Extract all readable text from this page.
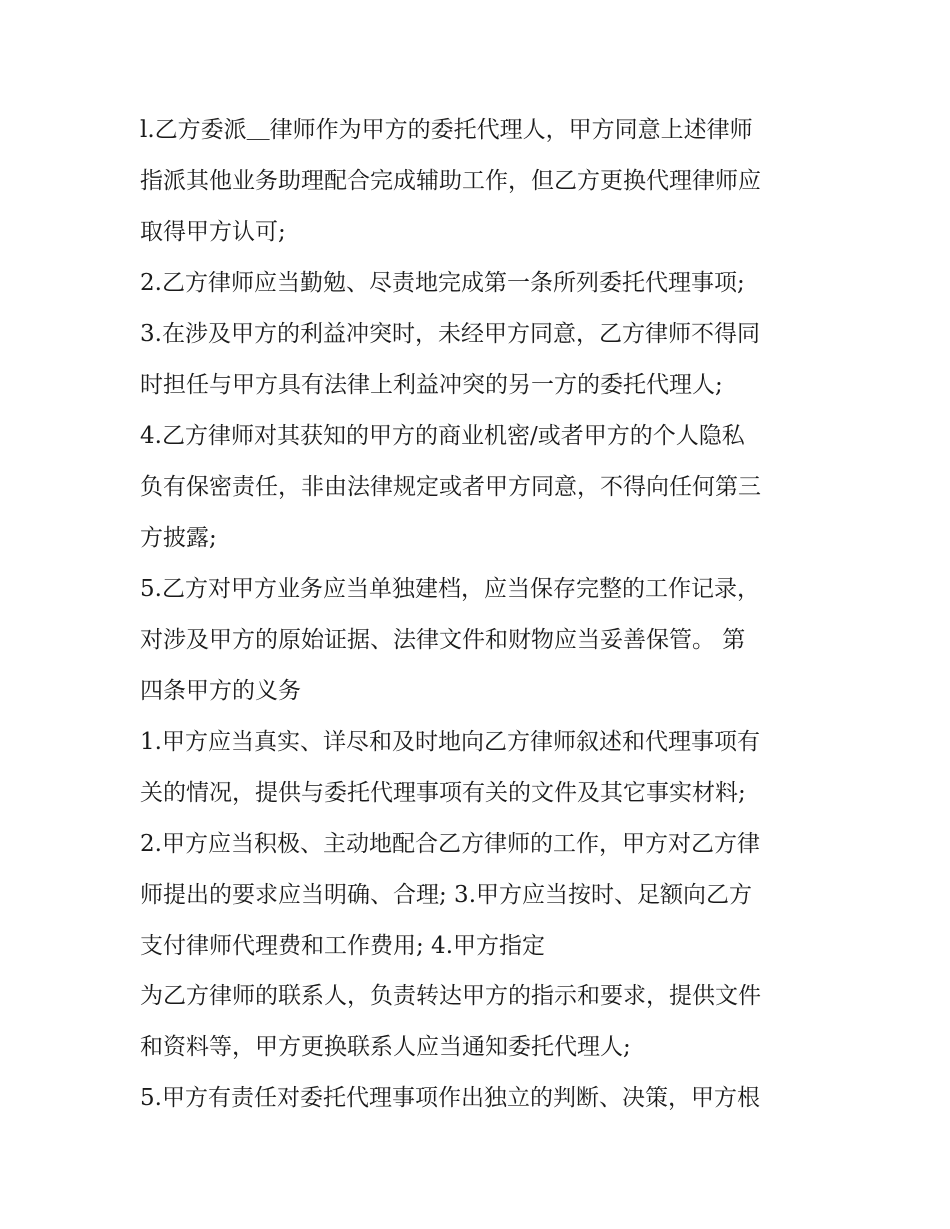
l.乙方委派＿律师作为甲方的委托代理人，甲方同意上述律师
指派其他业务助理配合完成辅助工作，但乙方更换代理律师应
取得甲方认可;
2.乙方律师应当勤勉、尽责地完成第一条所列委托代理事项;
3.在涉及甲方的利益冲突时，未经甲方同意，乙方律师不得同
时担任与甲方具有法律上利益冲突的另一方的委托代理人;
4.乙方律师对其获知的甲方的商业机密/或者甲方的个人隐私
负有保密责任，非由法律规定或者甲方同意，不得向任何第三
方披露;
5.乙方对甲方业务应当单独建档，应当保存完整的工作记录，
对涉及甲方的原始证据、法律文件和财物应当妥善保管。 第
四条甲方的义务
1.甲方应当真实、详尽和及时地向乙方律师叙述和代理事项有
关的情况，提供与委托代理事项有关的文件及其它事实材料;
2.甲方应当积极、主动地配合乙方律师的工作，甲方对乙方律
师提出的要求应当明确、合理; 3.甲方应当按时、足额向乙方
支付律师代理费和工作费用; 4.甲方指定
为乙方律师的联系人，负责转达甲方的指示和要求，提供文件
和资料等，甲方更换联系人应当通知委托代理人;
5.甲方有责任对委托代理事项作出独立的判断、决策，甲方根
